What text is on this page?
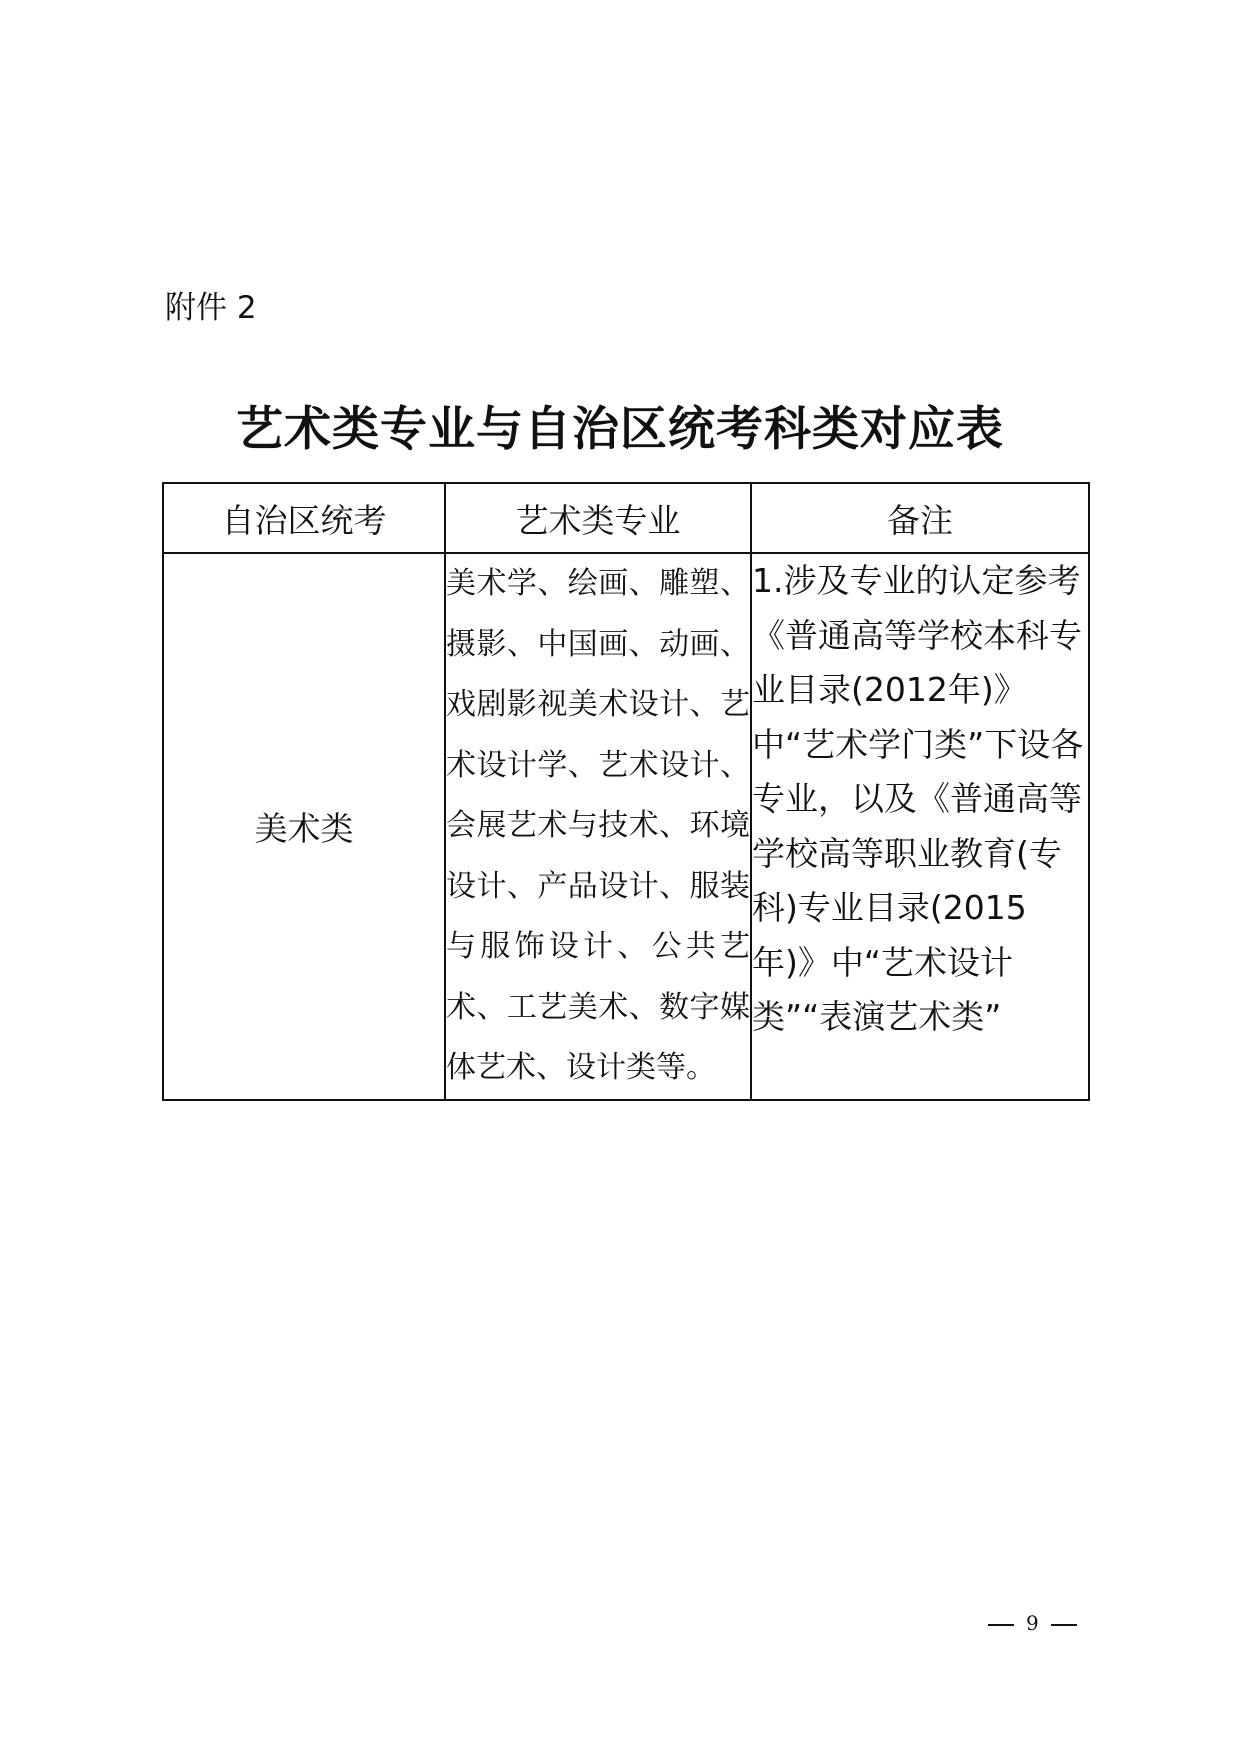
附件 2
艺术类专业与自治区统考科类对应表
自治区统考	艺术类专业	备注
美术类	美术学、绘画、雕塑、摄影、中国画、动画、戏剧影视美术设计、艺术设计学、艺术设计、会展艺术与技术、环境设计、产品设计、服装与服饰设计、公共艺术、工艺美术、数字媒体艺术、设计类等。	1.涉及专业的认定参考《普通高等学校本科专业目录(2012年)》中“艺术学门类”下设各专业，以及《普通高等学校高等职业教育(专科)专业目录(2015年)》中“艺术设计类”“表演艺术类”
9
